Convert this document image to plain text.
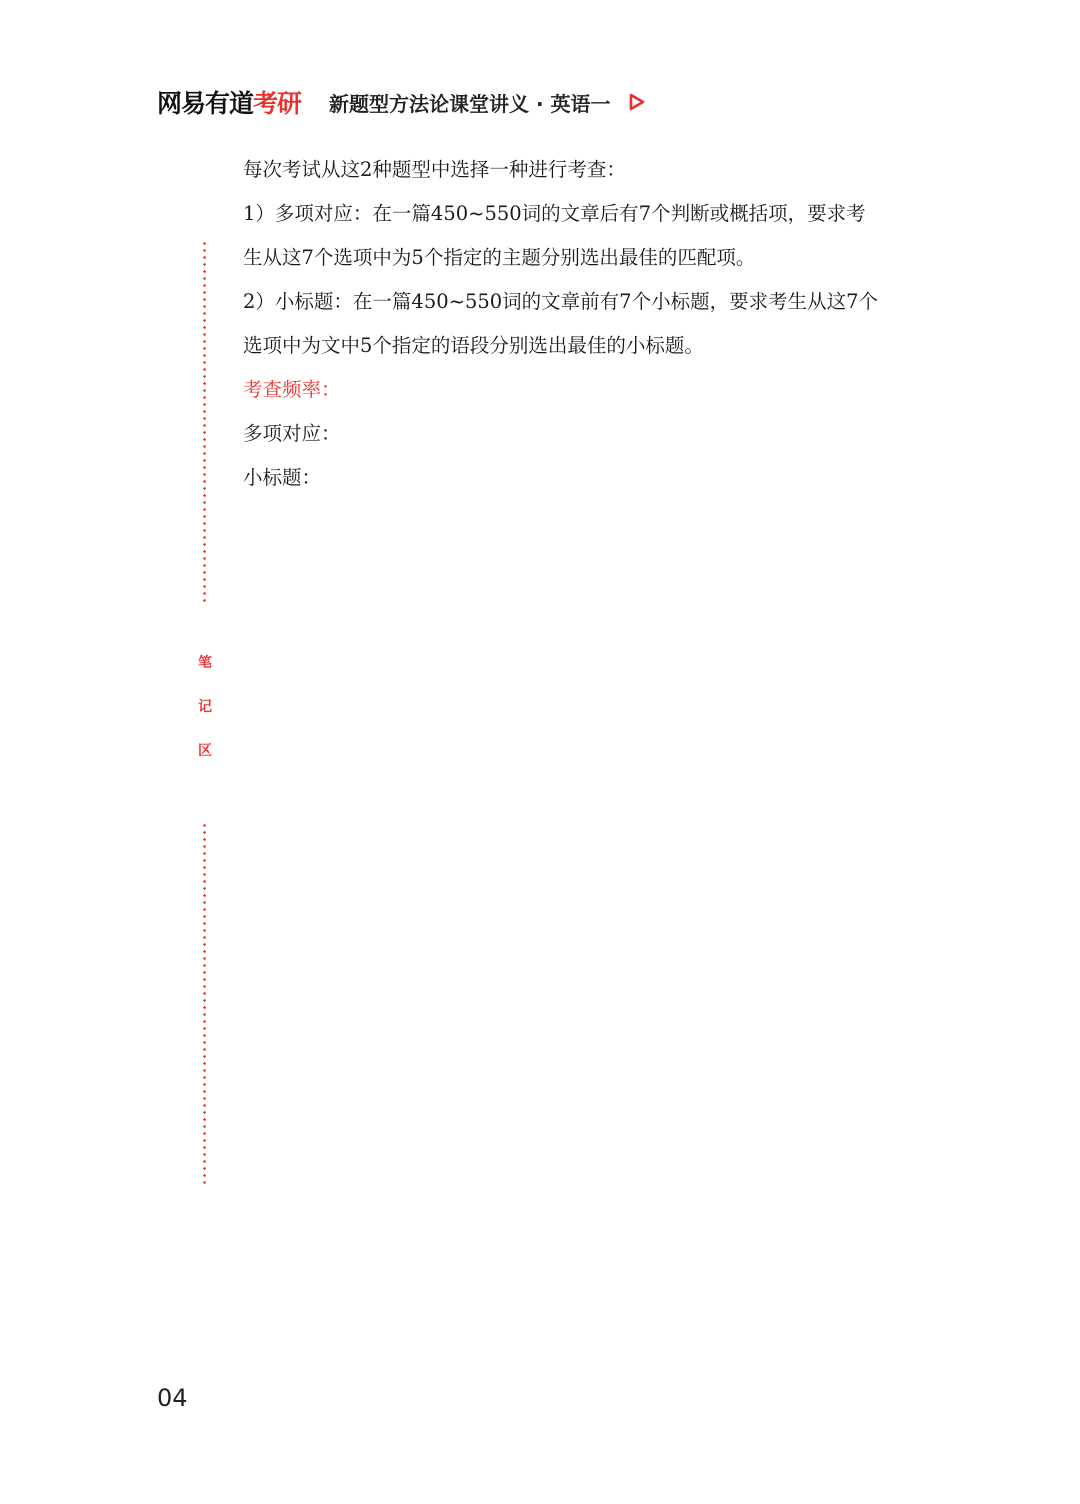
网易有道 考研 新题型方法论课堂讲义 · 英语一
笔
记
区
每次考试从这2种题型中选择一种进行考查：
1）多项对应：在一篇450~550词的文章后有7个判断或概括项，要求考
生从这7个选项中为5个指定的主题分别选出最佳的匹配项。
2）小标题：在一篇450~550词的文章前有7个小标题，要求考生从这7个
选项中为文中5个指定的语段分别选出最佳的小标题。
考查频率：
多项对应：
小标题：
04
